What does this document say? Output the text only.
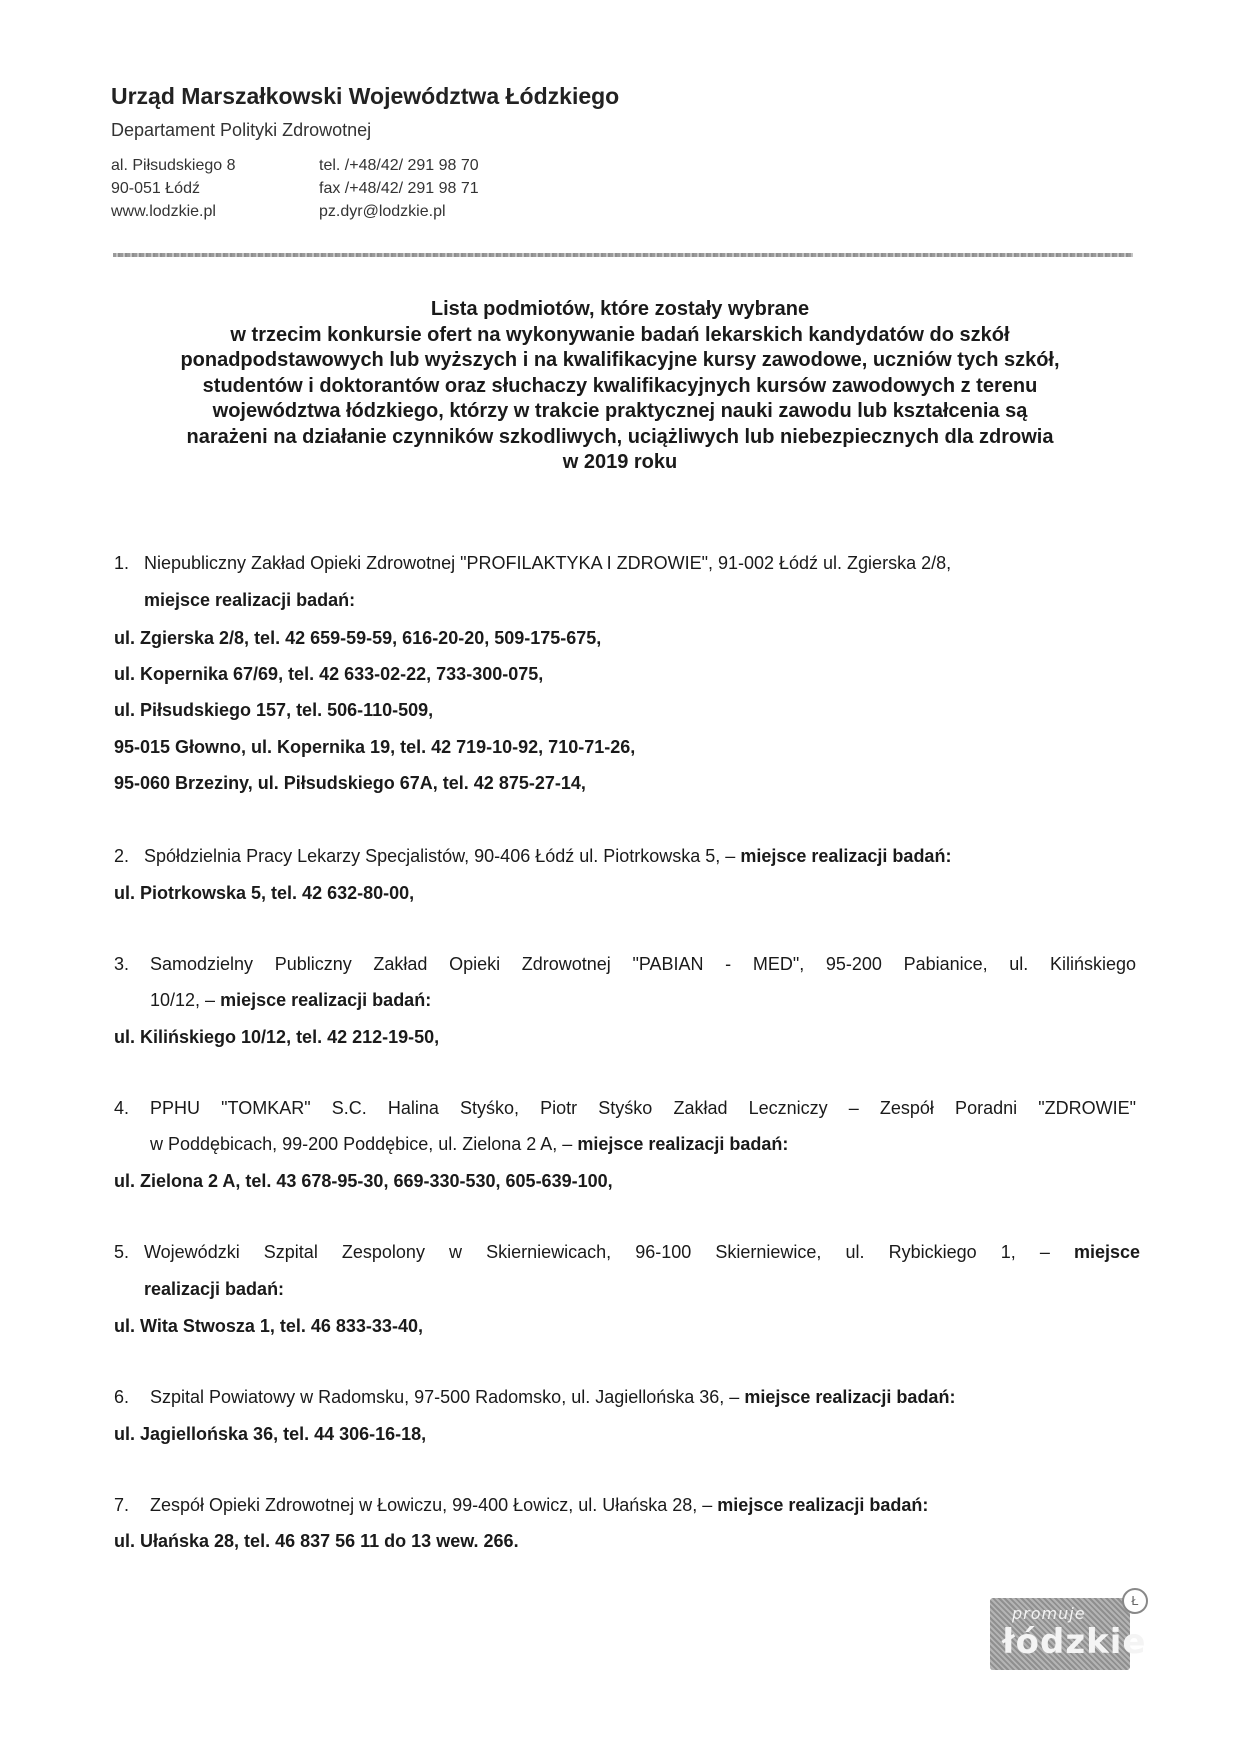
Urząd Marszałkowski Województwa Łódzkiego
Departament Polityki Zdrowotnej
al. Piłsudskiego 8
90-051 Łódź
www.lodzkie.pl
tel. /+48/42/ 291 98 70
fax /+48/42/ 291 98 71
pz.dyr@lodzkie.pl
Lista podmiotów, które zostały wybrane
w trzecim konkursie ofert na wykonywanie badań lekarskich kandydatów do szkół
ponadpodstawowych lub wyższych i na kwalifikacyjne kursy zawodowe, uczniów tych szkół,
studentów i doktorantów oraz słuchaczy kwalifikacyjnych kursów zawodowych z terenu
województwa łódzkiego, którzy w trakcie praktycznej nauki zawodu lub kształcenia są
narażeni na działanie czynników szkodliwych, uciążliwych lub niebezpiecznych dla zdrowia
w 2019 roku
1. Niepubliczny Zakład Opieki Zdrowotnej "PROFILAKTYKA I ZDROWIE", 91-002 Łódź ul. Zgierska 2/8,
miejsce realizacji badań:
ul. Zgierska 2/8, tel. 42 659-59-59, 616-20-20, 509-175-675,
ul. Kopernika 67/69, tel. 42 633-02-22, 733-300-075,
ul. Piłsudskiego 157, tel. 506-110-509,
95-015 Głowno, ul. Kopernika 19, tel. 42 719-10-92, 710-71-26,
95-060 Brzeziny, ul. Piłsudskiego 67A, tel. 42 875-27-14,
2. Spółdzielnia Pracy Lekarzy Specjalistów, 90-406 Łódź ul. Piotrkowska 5, – miejsce realizacji badań:
ul. Piotrkowska 5, tel. 42 632-80-00,
3. Samodzielny Publiczny Zakład Opieki Zdrowotnej "PABIAN - MED", 95-200 Pabianice, ul. Kilińskiego
10/12, – miejsce realizacji badań:
ul. Kilińskiego 10/12, tel. 42 212-19-50,
4. PPHU "TOMKAR" S.C. Halina Styśko, Piotr Styśko Zakład Leczniczy – Zespół Poradni "ZDROWIE"
w Poddębicach, 99-200 Poddębice, ul. Zielona 2 A, – miejsce realizacji badań:
ul. Zielona 2 A, tel. 43 678-95-30, 669-330-530, 605-639-100,
5. Wojewódzki Szpital Zespolony w Skierniewicach, 96-100 Skierniewice, ul. Rybickiego 1, – miejsce
realizacji badań:
ul. Wita Stwosza 1, tel. 46 833-33-40,
6. Szpital Powiatowy w Radomsku, 97-500 Radomsko, ul. Jagiellońska 36, – miejsce realizacji badań:
ul. Jagiellońska 36, tel. 44 306-16-18,
7. Zespół Opieki Zdrowotnej w Łowiczu, 99-400 Łowicz, ul. Ułańska 28, – miejsce realizacji badań:
ul. Ułańska 28, tel. 46 837 56 11 do 13 wew. 266.
promuje
łódzkie
Ł
